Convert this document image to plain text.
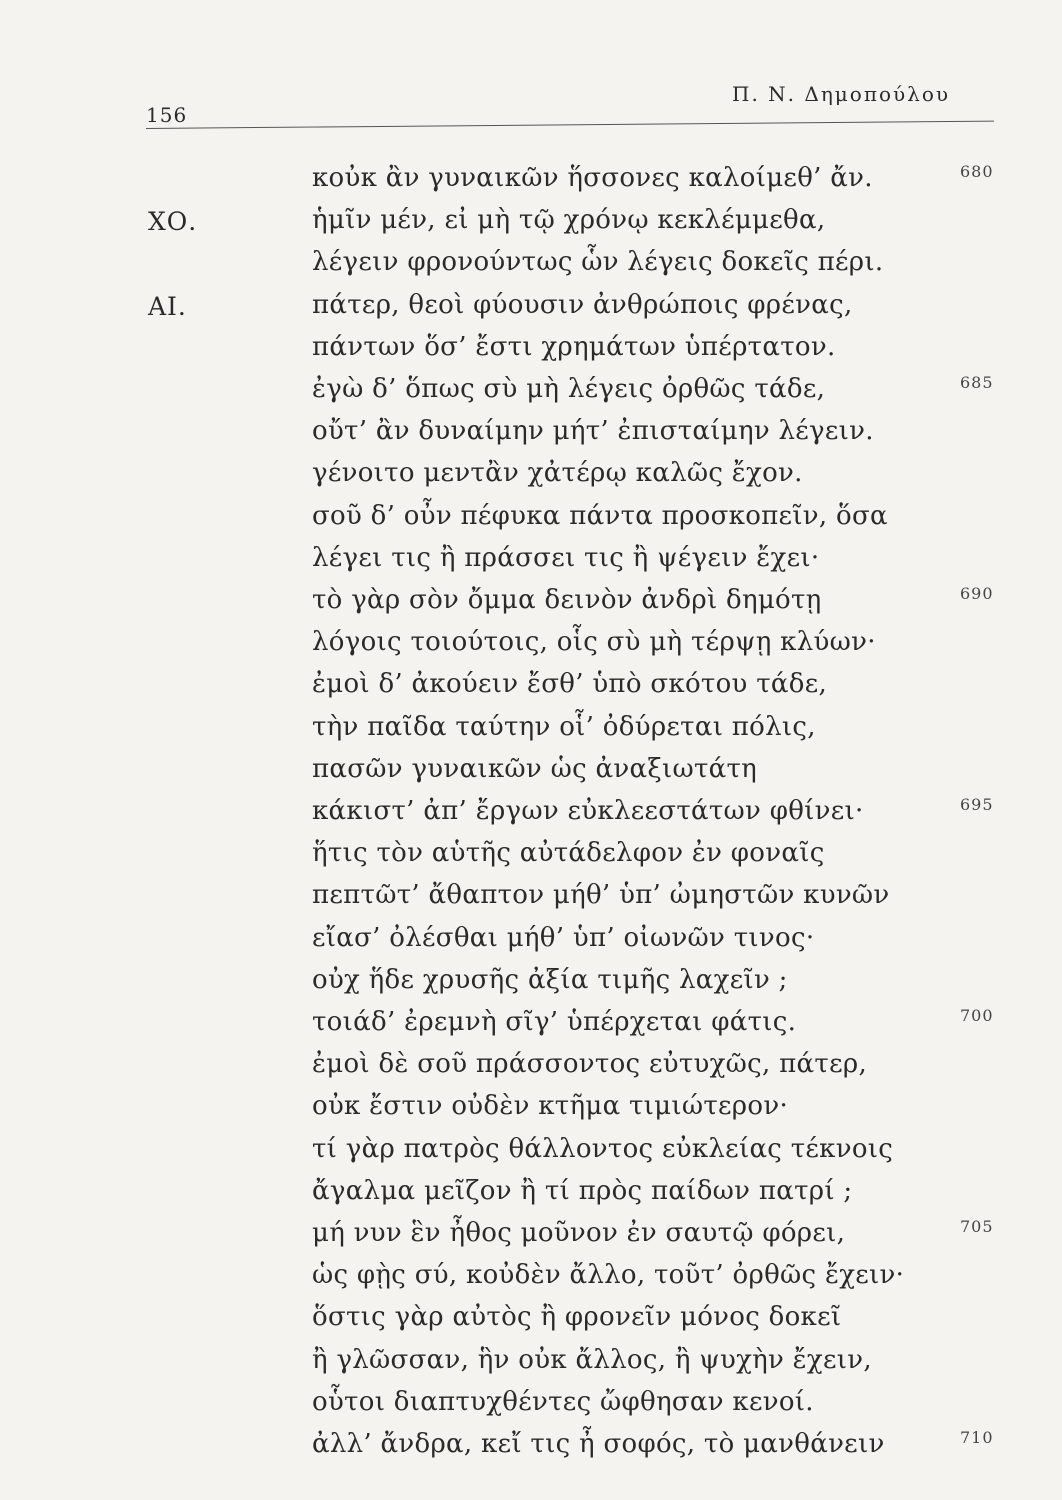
156
Π. Ν. Δημοπούλου
κοὐκ ἂν γυναικῶν ἥσσονες καλοίμεθ’ ἄν.	680
ἡμῖν μέν, εἰ μὴ τῷ χρόνῳ κεκλέμμεθα,
ΧΟ.
λέγειν φρονούντως ὧν λέγεις δοκεῖς πέρι.
πάτερ, θεοὶ φύουσιν ἀνθρώποις φρένας,
ΑΙ.
πάντων ὅσ’ ἔστι χρημάτων ὑπέρτατον.
ἐγὼ δ’ ὅπως σὺ μὴ λέγεις ὀρθῶς τάδε,	685
οὔτ’ ἂν δυναίμην μήτ’ ἐπισταίμην λέγειν.
γένοιτο μεντἂν χἀτέρῳ καλῶς ἔχον.
σοῦ δ’ οὖν πέφυκα πάντα προσκοπεῖν, ὅσα
λέγει τις ἢ πράσσει τις ἢ ψέγειν ἔχει·
τὸ γὰρ σὸν ὄμμα δεινὸν ἀνδρὶ δημότῃ	690
λόγοις τοιούτοις, οἷς σὺ μὴ τέρψῃ κλύων·
ἐμοὶ δ’ ἀκούειν ἔσθ’ ὑπὸ σκότου τάδε,
τὴν παῖδα ταύτην οἷ’ ὀδύρεται πόλις,
πασῶν γυναικῶν ὡς ἀναξιωτάτη
κάκιστ’ ἀπ’ ἔργων εὐκλεεστάτων φθίνει·	695
ἥτις τὸν αὑτῆς αὐτάδελφον ἐν φοναῖς
πεπτῶτ’ ἄθαπτον μήθ’ ὑπ’ ὠμηστῶν κυνῶν
εἴασ’ ὀλέσθαι μήθ’ ὑπ’ οἰωνῶν τινος·
οὐχ ἥδε χρυσῆς ἀξία τιμῆς λαχεῖν ;
τοιάδ’ ἐρεμνὴ σῖγ’ ὑπέρχεται φάτις.	700
ἐμοὶ δὲ σοῦ πράσσοντος εὐτυχῶς, πάτερ,
οὐκ ἔστιν οὐδὲν κτῆμα τιμιώτερον·
τί γὰρ πατρὸς θάλλοντος εὐκλείας τέκνοις
ἄγαλμα μεῖζον ἢ τί πρὸς παίδων πατρί ;
μή νυν ἓν ἦθος μοῦνον ἐν σαυτῷ φόρει,	705
ὡς φῂς σύ, κοὐδὲν ἄλλο, τοῦτ’ ὀρθῶς ἔχειν·
ὅστις γὰρ αὐτὸς ἢ φρονεῖν μόνος δοκεῖ
ἢ γλῶσσαν, ἣν οὐκ ἄλλος, ἢ ψυχὴν ἔχειν,
οὗτοι διαπτυχθέντες ὤφθησαν κενοί.
ἀλλ’ ἄνδρα, κεἴ τις ἦ σοφός, τὸ μανθάνειν	710
